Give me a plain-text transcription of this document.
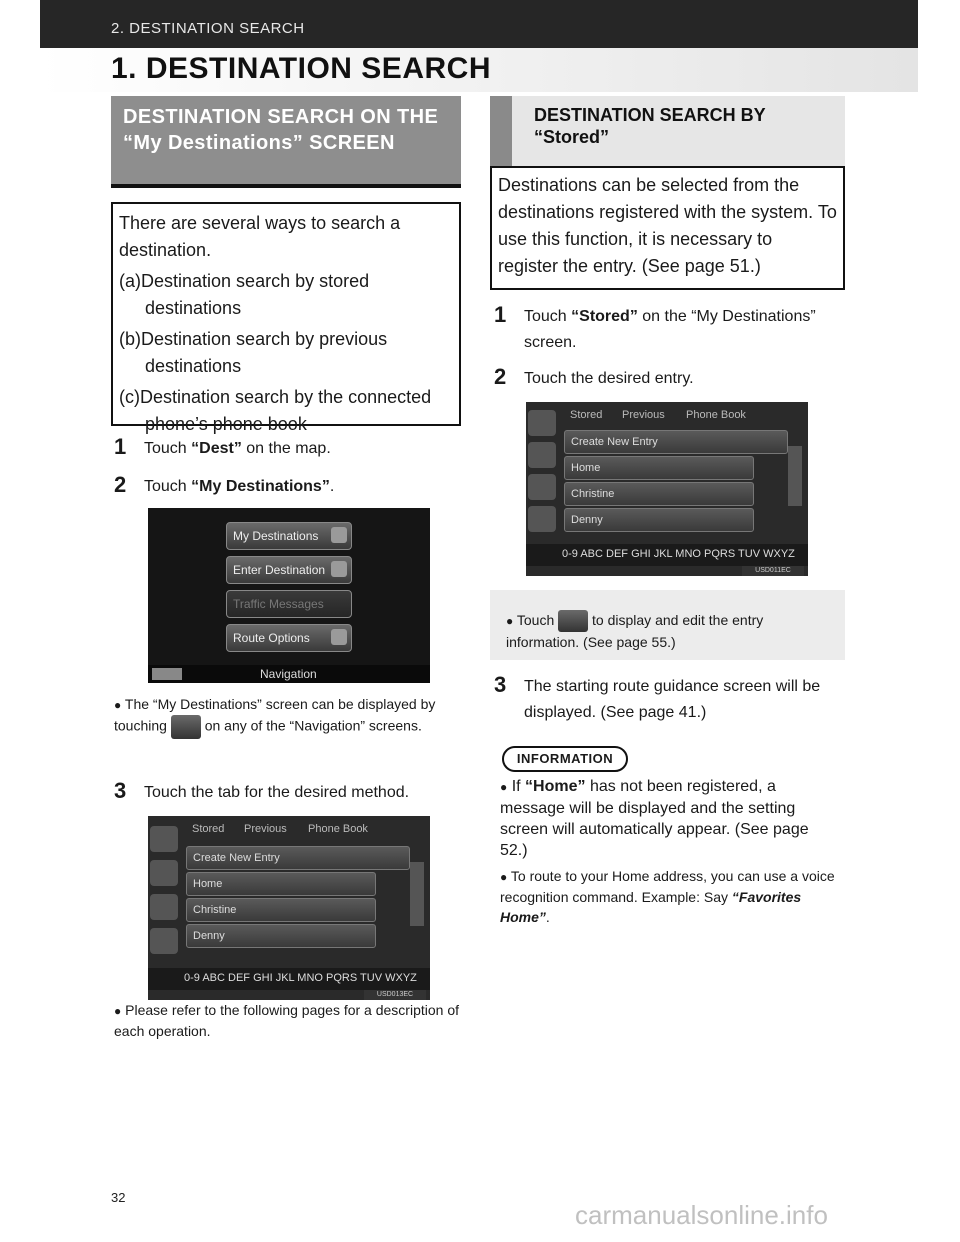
2. DESTINATION SEARCH
1. DESTINATION SEARCH

DESTINATION SEARCH ON THE “My Destinations” SCREEN

There are several ways to search a destination.
(a)Destination search by stored destinations
(b)Destination search by previous destinations
(c)Destination search by the connected phone’s phone book
1	Touch “Dest” on the map.
2	Touch “My Destinations”.
My Destinations
Enter Destination
Traffic Messages
Route Options
Navigation
● The “My Destinations” screen can be displayed by touching	on any of the “Navigation” screens.
3	Touch the tab for the desired method.
Stored Previous Phone Book
Create New Entry
Home
Christine
Denny
0-9 ABC DEF GHI JKL MNO PQRS TUV WXYZ
USD013EC
● Please refer to the following pages for a description of each operation.

DESTINATION SEARCH BY “Stored”

Destinations can be selected from the destinations registered with the system. To use this function, it is necessary to register the entry. (See page 51.)
1	Touch “Stored” on the “My Destinations” screen.
2	Touch the desired entry.
Stored Previous Phone Book
Create New Entry
Home
Christine
Denny
0-9 ABC DEF GHI JKL MNO PQRS TUV WXYZ
USD011EC
● Touch	to display and edit the entry information. (See page 55.)
3	The starting route guidance screen will be displayed. (See page 41.)
INFORMATION
● If “Home” has not been registered, a message will be displayed and the setting screen will automatically appear. (See page 52.)
● To route to your Home address, you can use a voice recognition command. Example: Say “Favorites Home”.
32
carmanualsonline.info
